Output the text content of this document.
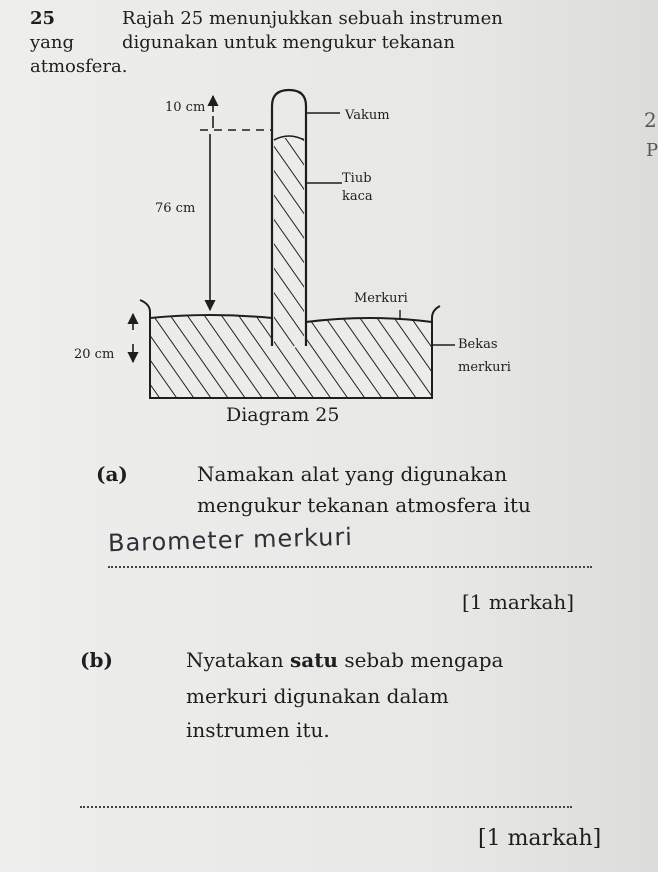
25	Rajah 25 menunjukkan sebuah instrumen
yang	digunakan untuk mengukur tekanan
atmosfera.
2
P
10 cm
Vakum
Tiub
kaca
76 cm
Merkuri
20 cm
Bekas
merkuri
Diagram 25
(a)	Namakan alat yang digunakan
mengukur tekanan atmosfera itu
Barometer merkuri
[1 markah]
(b)	Nyatakan satu sebab mengapa
merkuri digunakan dalam
instrumen itu.
[1 markah]
